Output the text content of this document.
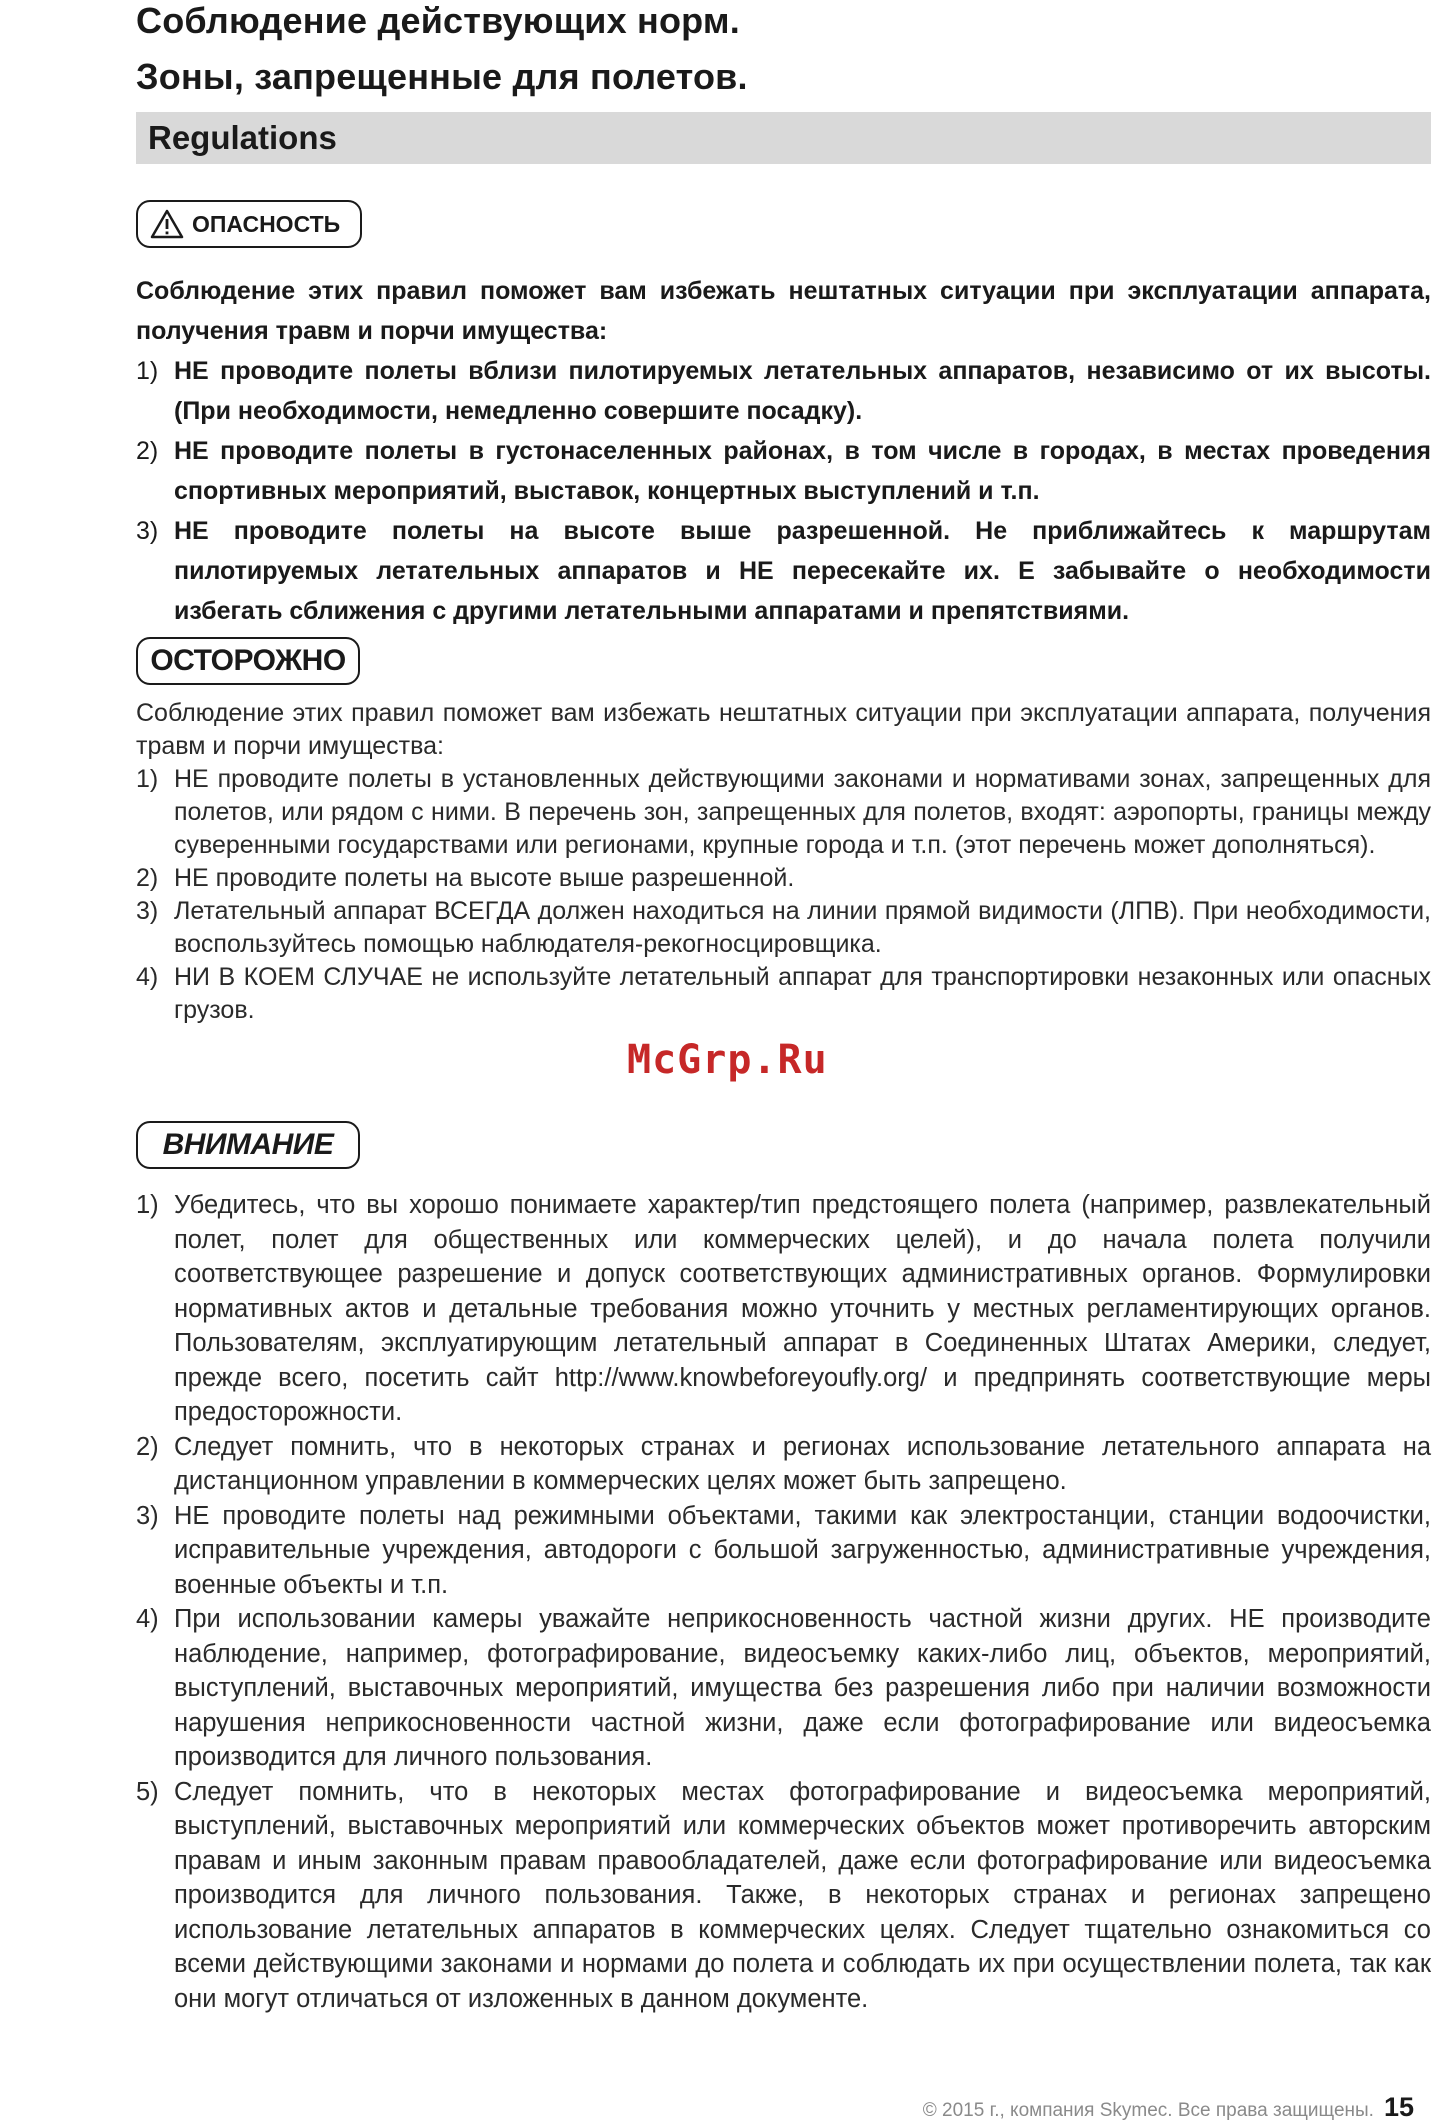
Соблюдение действующих норм.
Зоны, запрещенные для полетов.
Regulations
ОПАСНОСТЬ

Соблюдение этих правил поможет вам избежать нештатных ситуации при эксплуатации аппарата, получения травм и порчи имущества:

1) НЕ проводите полеты вблизи пилотируемых летательных аппаратов, независимо от их высоты. (При необходимости, немедленно совершите посадку).
2) НЕ проводите полеты в густонаселенных районах, в том числе в городах, в местах проведения спортивных мероприятий, выставок, концертных выступлений и т.п.
3) НЕ проводите полеты на высоте выше разрешенной. Не приближайтесь к маршрутам пилотируемых летательных аппаратов и НЕ пересекайте их. Е забывайте о необходимости избегать сближения с другими летательными аппаратами и препятствиями.
ОСТОРОЖНО

Соблюдение этих правил поможет вам избежать нештатных ситуации при эксплуатации аппарата, получения травм и порчи имущества:

1) НЕ проводите полеты в установленных действующими законами и нормативами зонах, запрещенных для полетов, или рядом с ними. В перечень зон, запрещенных для полетов, входят: аэропорты, границы между суверенными государствами или регионами, крупные города и т.п. (этот перечень может дополняться).
2) НЕ проводите полеты на высоте выше разрешенной.
3) Летательный аппарат ВСЕГДА должен находиться на линии прямой видимости (ЛПВ). При необходимости, воспользуйтесь помощью наблюдателя-рекогносцировщика.
4) НИ В КОЕМ СЛУЧАЕ не используйте летательный аппарат для транспортировки незаконных или опасных грузов.
ВНИМАНИЕ
1) Убедитесь, что вы хорошо понимаете характер/тип предстоящего полета (например, развлекательный полет, полет для общественных или коммерческих целей), и до начала полета получили соответствующее разрешение и допуск соответствующих административных органов. Формулировки нормативных актов и детальные требования можно уточнить у местных регламентирующих органов. Пользователям, эксплуатирующим летательный аппарат в Соединенных Штатах Америки, следует, прежде всего, посетить сайт http://www.knowbeforeyoufly.org/ и предпринять соответствующие меры предосторожности.
2) Следует помнить, что в некоторых странах и регионах использование летательного аппарата на дистанционном управлении в коммерческих целях может быть запрещено.
3) НЕ проводите полеты над режимными объектами, такими как электростанции, станции водоочистки, исправительные учреждения, автодороги с большой загруженностью, административные учреждения, военные объекты и т.п.
4) При использовании камеры уважайте неприкосновенность частной жизни других. НЕ производите наблюдение, например, фотографирование, видеосъемку каких-либо лиц, объектов, мероприятий, выступлений, выставочных мероприятий, имущества без разрешения либо при наличии возможности нарушения неприкосновенности частной жизни, даже если фотографирование или видеосъемка производится для личного пользования.
5) Следует помнить, что в некоторых местах фотографирование и видеосъемка мероприятий, выступлений, выставочных мероприятий или коммерческих объектов может противоречить авторским правам и иным законным правам правообладателей, даже если фотографирование или видеосъемка производится для личного пользования. Также, в некоторых странах и регионах запрещено использование летательных аппаратов в коммерческих целях. Следует тщательно ознакомиться со всеми действующими законами и нормами до полета и соблюдать их при осуществлении полета, так как они могут отличаться от изложенных в данном документе.
McGrp.Ru
© 2015 г., компания Skymec. Все права защищены. 15
